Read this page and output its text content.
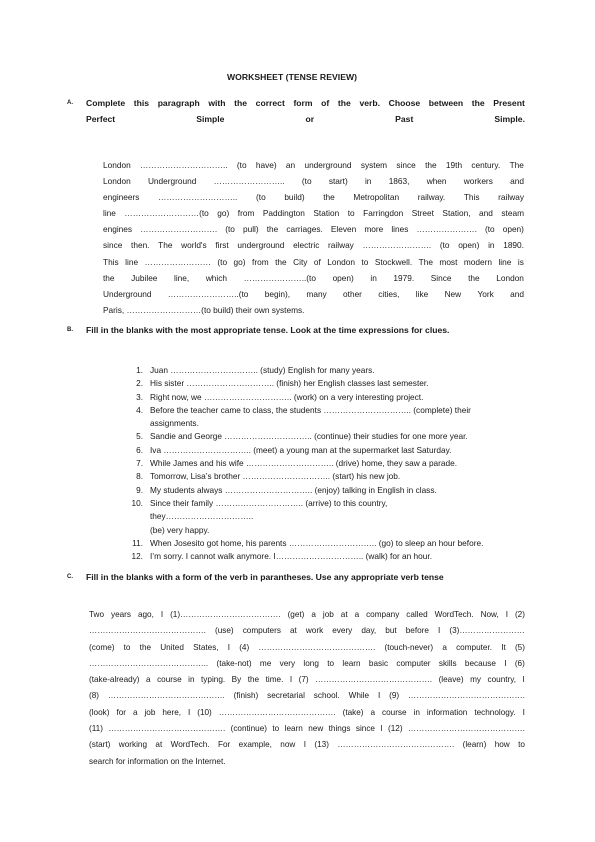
WORKSHEET (TENSE REVIEW)
A. Complete this paragraph with the correct form of the verb. Choose between the Present
Perfect	Simple	or	Past	Simple.
London ………………………….. (to have) an underground system since the 19th century. The
London Underground …………………….. (to start) in 1863, when workers and
engineers ……………………….. (to build) the Metropolitan railway. This railway
line ………………………(to go) from Paddington Station to Farringdon Street Station, and steam
engines ………………………. (to pull) the carriages. Eleven more lines …………………. (to open)
since then. The world's first underground electric railway ……………………. (to open) in 1890.
This line …………………… (to go) from the City of London to Stockwell. The most modern line is
the Jubilee line, which …………………..(to open) in 1979. Since the London
Underground ……………………..(to begin), many other cities, like New York and
Paris, ………………………(to build) their own systems.
B. Fill in the blanks with the most appropriate tense. Look at the time expressions for clues.
1. Juan ………………………….. (study) English for many years.
2. His sister ………………………….. (finish) her English classes last semester.
3. Right now, we ………………………….. (work) on a very interesting project.
4. Before the teacher came to class, the students ………………………….. (complete) their
assignments.
5. Sandie and George ………………………….. (continue) their studies for one more year.
6. Iva ………………………….. (meet) a young man at the supermarket last Saturday.
7. While James and his wife ………………………….. (drive) home, they saw a parade.
8. Tomorrow, Lisa’s brother ………………………….. (start) his new job.
9. My students always ………………………….. (enjoy) talking in English in class.
10. Since their family ………………………….. (arrive) to this country, they…………………………..
(be) very happy.
11. When Josesito got home, his parents ………………………….. (go) to sleep an hour before.
12. I’m sorry. I cannot walk anymore. I………………………….. (walk) for an hour.
C. Fill in the blanks with a form of the verb in parantheses. Use any appropriate verb tense
Two years ago, I (1)………………………………. (get) a job at a company called WordTech. Now, I (2)
……………………………………. (use) computers at work every day, but before I (3)……………………
(come) to the United States, I (4) ……………………………………. (touch-never) a computer. It (5)
…………………………………….. (take-not) me very long to learn basic computer skills because I (6)
(take-already) a course in typing. By the time. I (7) ……………………………………. (leave) my country, I
(8) ……………………………………. (finish) secretarial school. While I (9) …………………………………….
(look) for a job here, I (10) ……………………………………. (take) a course in information technology. I
(11) ……………………………………. (continue) to learn new things since I (12) …………………………………….
(start) working at WordTech. For example, now I (13) ……………………………………. (learn) how to
search for information on the Internet.
